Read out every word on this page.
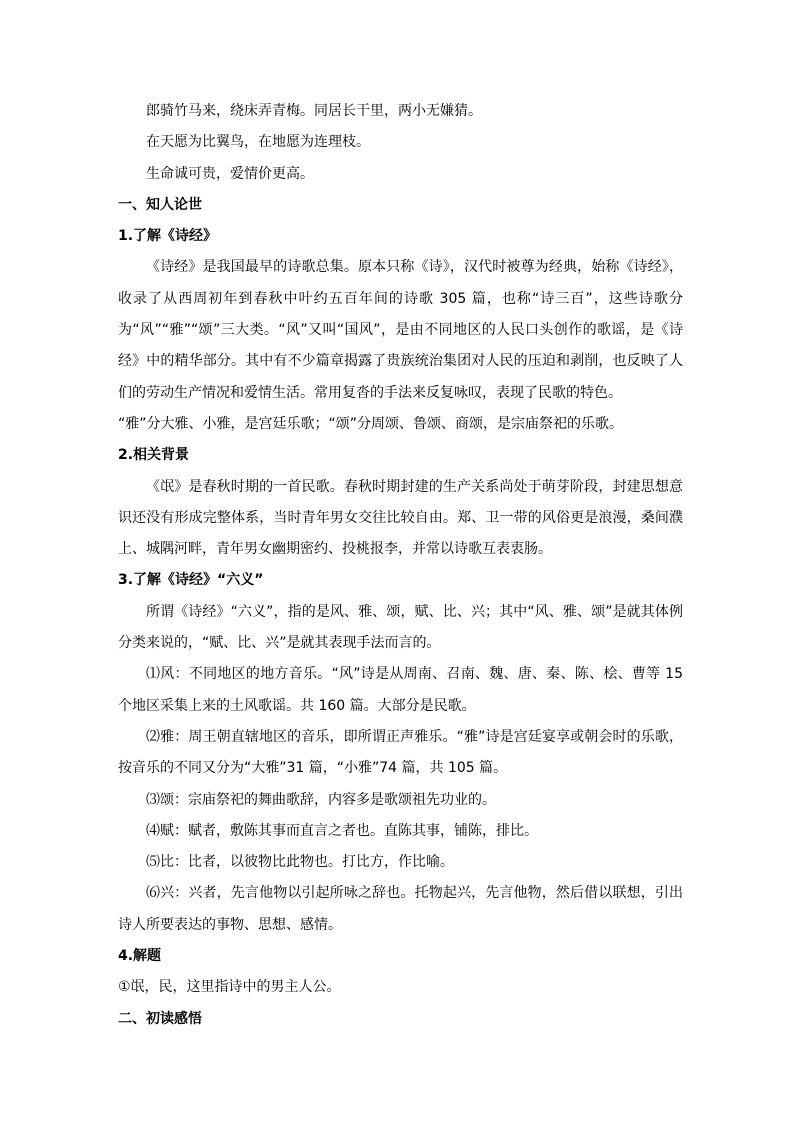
郎骑竹马来，绕床弄青梅。同居长干里，两小无嫌猜。

在天愿为比翼鸟，在地愿为连理枝。

生命诚可贵，爱情价更高。

一、知人论世

1.了解《诗经》

《诗经》是我国最早的诗歌总集。原本只称《诗》，汉代时被尊为经典，始称《诗经》，收录了从西周初年到春秋中叶约五百年间的诗歌 305 篇，也称“诗三百”，这些诗歌分为“风”“雅”“颂”三大类。“风”又叫“国风”，是由不同地区的人民口头创作的歌谣，是《诗经》中的精华部分。其中有不少篇章揭露了贵族统治集团对人民的压迫和剥削，也反映了人们的劳动生产情况和爱情生活。常用复沓的手法来反复咏叹，表现了民歌的特色。

“雅”分大雅、小雅，是宫廷乐歌；“颂”分周颂、鲁颂、商颂，是宗庙祭祀的乐歌。

2.相关背景

《氓》是春秋时期的一首民歌。春秋时期封建的生产关系尚处于萌芽阶段，封建思想意识还没有形成完整体系，当时青年男女交往比较自由。郑、卫一带的风俗更是浪漫，桑间濮上、城隅河畔，青年男女幽期密约、投桃报李，并常以诗歌互表衷肠。

3.了解《诗经》“六义”

所谓《诗经》“六义”，指的是风、雅、颂，赋、比、兴；其中“风、雅、颂”是就其体例分类来说的，“赋、比、兴”是就其表现手法而言的。

⑴风：不同地区的地方音乐。“风”诗是从周南、召南、魏、唐、秦、陈、桧、曹等 15 个地区采集上来的土风歌谣。共 160 篇。大部分是民歌。

⑵雅：周王朝直辖地区的音乐，即所谓正声雅乐。“雅”诗是宫廷宴享或朝会时的乐歌，按音乐的不同又分为“大雅”31 篇，“小雅”74 篇，共 105 篇。

⑶颂：宗庙祭祀的舞曲歌辞，内容多是歌颂祖先功业的。

⑷赋：赋者，敷陈其事而直言之者也。直陈其事，铺陈，排比。

⑸比：比者，以彼物比此物也。打比方，作比喻。

⑹兴：兴者，先言他物以引起所咏之辞也。托物起兴，先言他物，然后借以联想，引出诗人所要表达的事物、思想、感情。

4.解题

①氓，民，这里指诗中的男主人公。

二、初读感悟
